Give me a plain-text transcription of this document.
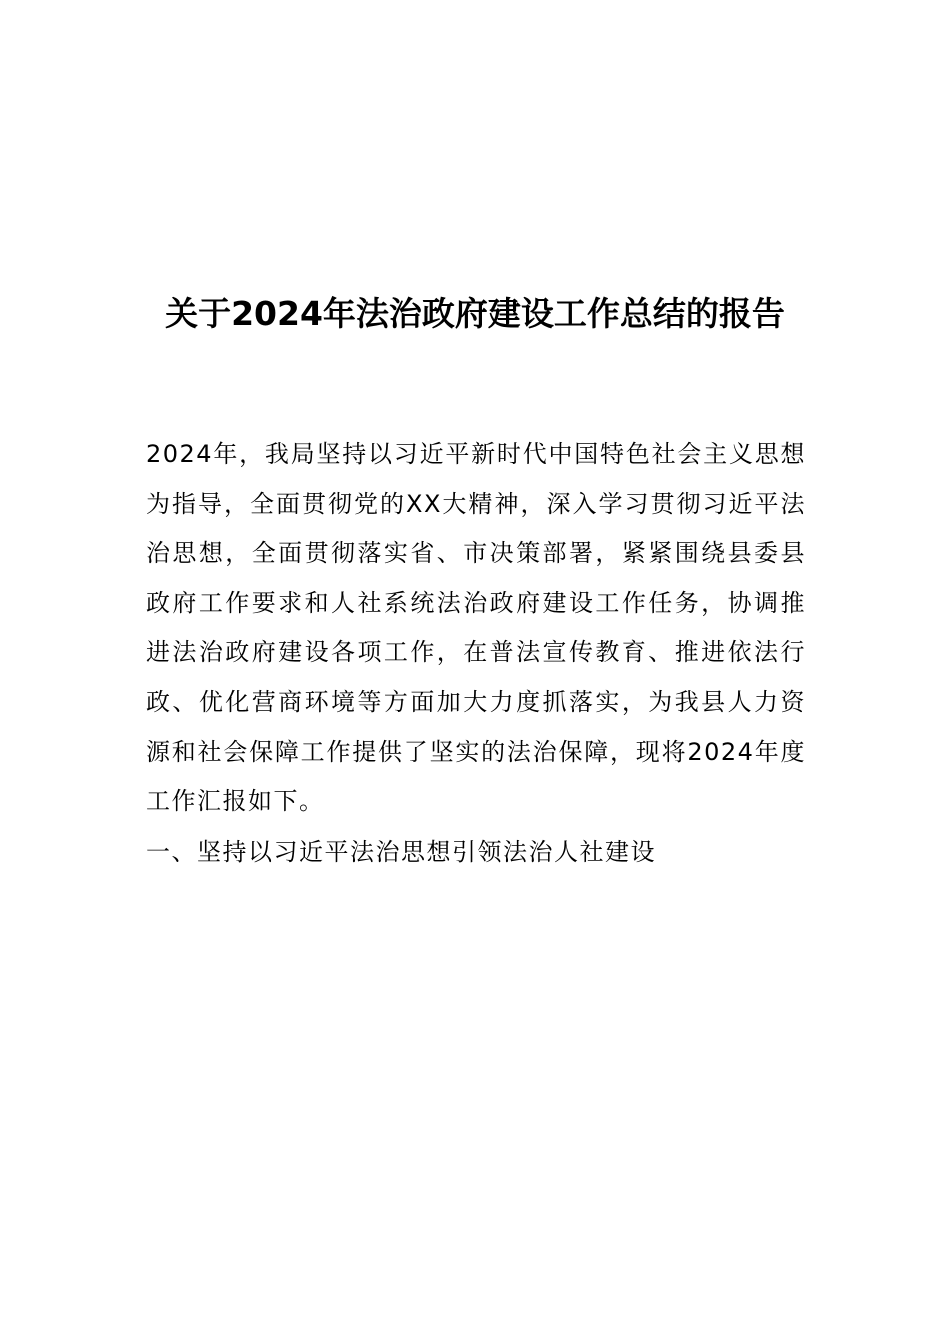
关于2024年法治政府建设工作总结的报告

2024年，我局坚持以习近平新时代中国特色社会主义思想为指导，全面贯彻党的XX大精神，深入学习贯彻习近平法治思想，全面贯彻落实省、市决策部署，紧紧围绕县委县政府工作要求和人社系统法治政府建设工作任务，协调推进法治政府建设各项工作，在普法宣传教育、推进依法行政、优化营商环境等方面加大力度抓落实，为我县人力资源和社会保障工作提供了坚实的法治保障，现将2024年度工作汇报如下。

一、坚持以习近平法治思想引领法治人社建设
